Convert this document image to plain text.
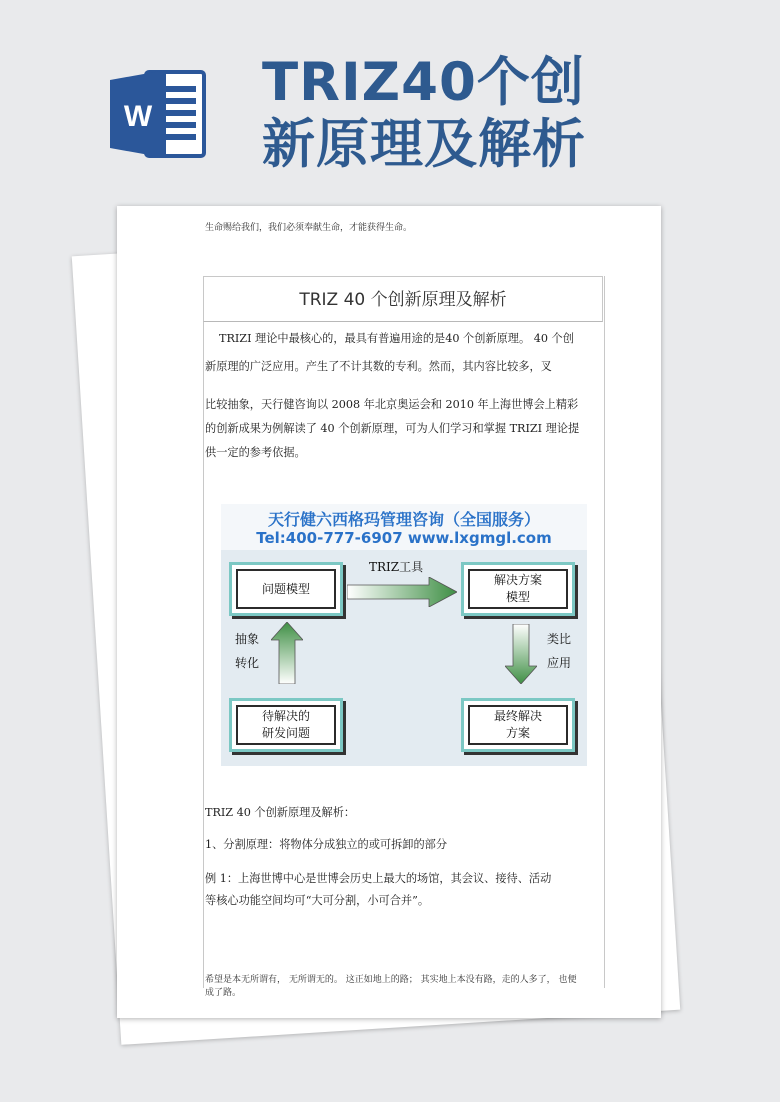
W
TRIZ40个创
新原理及解析
生命赐给我们，我们必须奉献生命，才能获得生命。
TRIZ 40 个创新原理及解析
TRIZI 理论中最核心的，最具有普遍用途的是40 个创新原理。 40 个创
新原理的广泛应用。产生了不计其数的专利。然而，其内容比较多，叉
比较抽象，天行健咨询以 2008 年北京奥运会和 2010 年上海世博会上精彩
的创新成果为例解读了 40 个创新原理，可为人们学习和掌握 TRIZI 理论提
供一定的参考依据。
天行健六西格玛管理咨询（全国服务）
Tel:400-777-6907 www.lxgmgl.com
问题模型
解决方案
模型
待解决的
研发问题
最终解决
方案
TRIZ工具
抽象
转化
类比
应用
TRIZ 40 个创新原理及解析：
1、分割原理：将物体分成独立的或可拆卸的部分
例 1：上海世博中心是世博会历史上最大的场馆，其会议、接待、活动
等核心功能空间均可“大可分割，小可合并”。
希望是本无所谓有， 无所谓无的。 这正如地上的路； 其实地上本没有路，走的人多了， 也便成了路。
